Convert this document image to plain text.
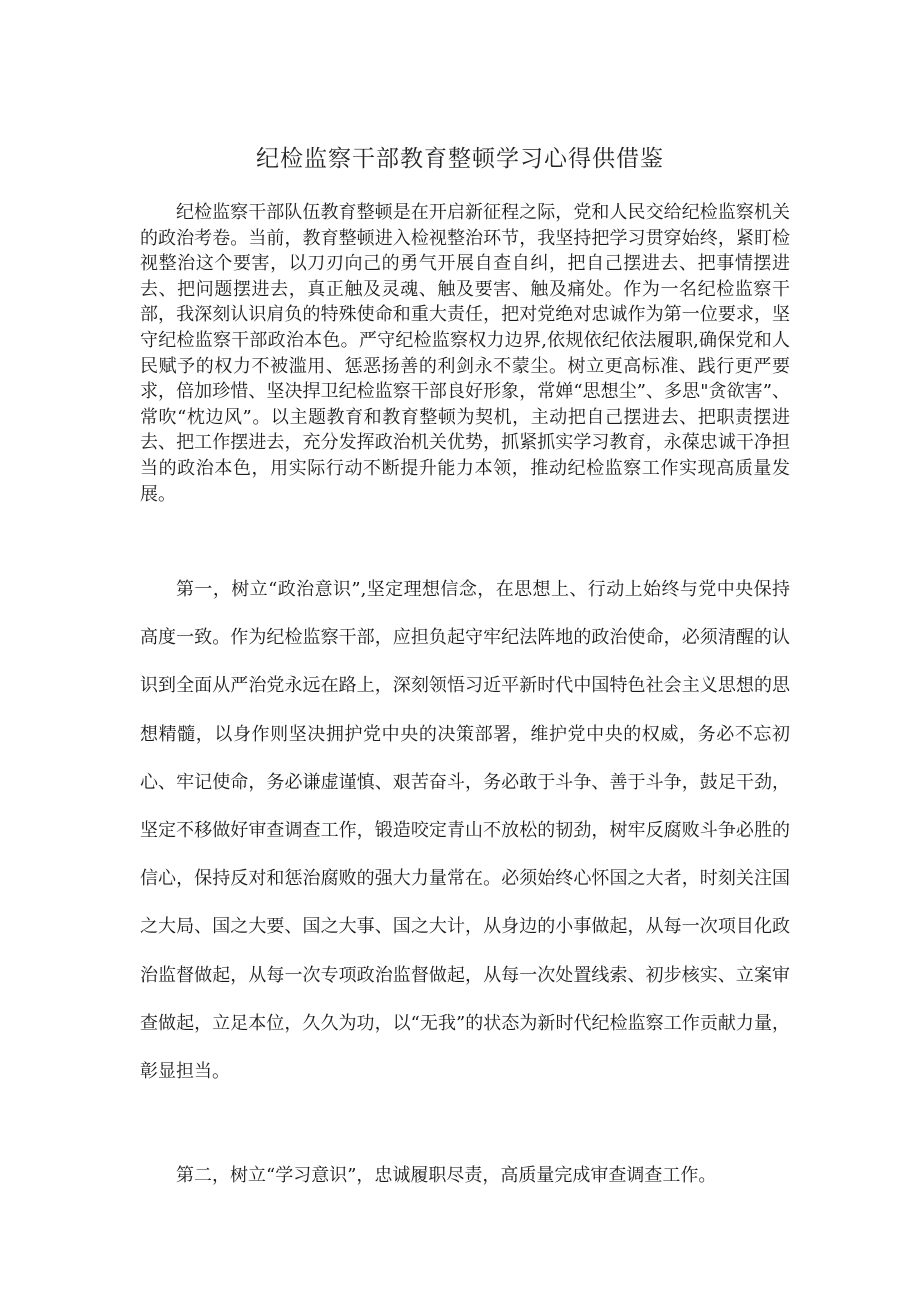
纪检监察干部教育整顿学习心得供借鉴

纪检监察干部队伍教育整顿是在开启新征程之际，党和人民交给纪检监察机关的政治考卷。当前，教育整顿进入检视整治环节，我坚持把学习贯穿始终，紧盯检视整治这个要害，以刀刃向己的勇气开展自查自纠，把自己摆进去、把事情摆进去、把问题摆进去，真正触及灵魂、触及要害、触及痛处。作为一名纪检监察干部，我深刻认识肩负的特殊使命和重大责任，把对党绝对忠诚作为第一位要求，坚守纪检监察干部政治本色。严守纪检监察权力边界,依规依纪依法履职,确保党和人民赋予的权力不被滥用、惩恶扬善的利剑永不蒙尘。树立更高标准、践行更严要求，倍加珍惜、坚决捍卫纪检监察干部良好形象，常婵“思想尘”、多思"贪欲害”、常吹“枕边风”。以主题教育和教育整顿为契机，主动把自己摆进去、把职责摆进去、把工作摆进去，充分发挥政治机关优势，抓紧抓实学习教育，永葆忠诚干净担当的政治本色，用实际行动不断提升能力本领，推动纪检监察工作实现高质量发展。

第一，树立“政治意识”,坚定理想信念，在思想上、行动上始终与党中央保持高度一致。作为纪检监察干部，应担负起守牢纪法阵地的政治使命，必须清醒的认识到全面从严治党永远在路上，深刻领悟习近平新时代中国特色社会主义思想的思想精髓，以身作则坚决拥护党中央的决策部署，维护党中央的权威，务必不忘初心、牢记使命，务必谦虚谨慎、艰苦奋斗，务必敢于斗争、善于斗争，鼓足干劲，坚定不移做好审查调查工作，锻造咬定青山不放松的韧劲，树牢反腐败斗争必胜的信心，保持反对和惩治腐败的强大力量常在。必须始终心怀国之大者，时刻关注国之大局、国之大要、国之大事、国之大计，从身边的小事做起，从每一次项目化政治监督做起，从每一次专项政治监督做起，从每一次处置线索、初步核实、立案审查做起，立足本位，久久为功，以“无我”的状态为新时代纪检监察工作贡献力量，彰显担当。

第二，树立“学习意识”，忠诚履职尽责，高质量完成审查调查工作。
